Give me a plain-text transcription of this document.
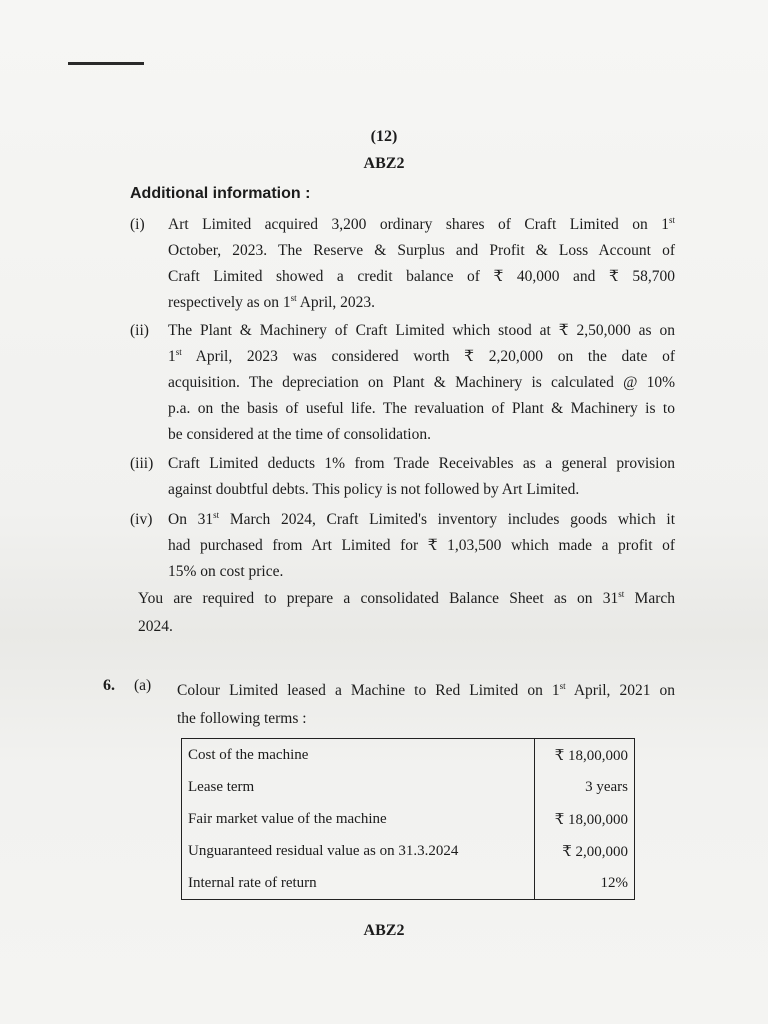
(12)
ABZ2
Additional information :
(i) Art Limited acquired 3,200 ordinary shares of Craft Limited on 1st
October, 2023. The Reserve & Surplus and Profit & Loss Account of
Craft Limited showed a credit balance of ₹ 40,000 and ₹ 58,700
respectively as on 1st April, 2023.
(ii) The Plant & Machinery of Craft Limited which stood at ₹ 2,50,000 as on
1st April, 2023 was considered worth ₹ 2,20,000 on the date of
acquisition. The depreciation on Plant & Machinery is calculated @ 10%
p.a. on the basis of useful life. The revaluation of Plant & Machinery is to
be considered at the time of consolidation.
(iii) Craft Limited deducts 1% from Trade Receivables as a general provision
against doubtful debts. This policy is not followed by Art Limited.
(iv) On 31st March 2024, Craft Limited's inventory includes goods which it
had purchased from Art Limited for ₹ 1,03,500 which made a profit of
15% on cost price.
You are required to prepare a consolidated Balance Sheet as on 31st March
2024.
6. (a) Colour Limited leased a Machine to Red Limited on 1st April, 2021 on
the following terms :
Cost of the machine	₹ 18,00,000
Lease term	3 years
Fair market value of the machine	₹ 18,00,000
Unguaranteed residual value as on 31.3.2024	₹ 2,00,000
Internal rate of return	12%
ABZ2
